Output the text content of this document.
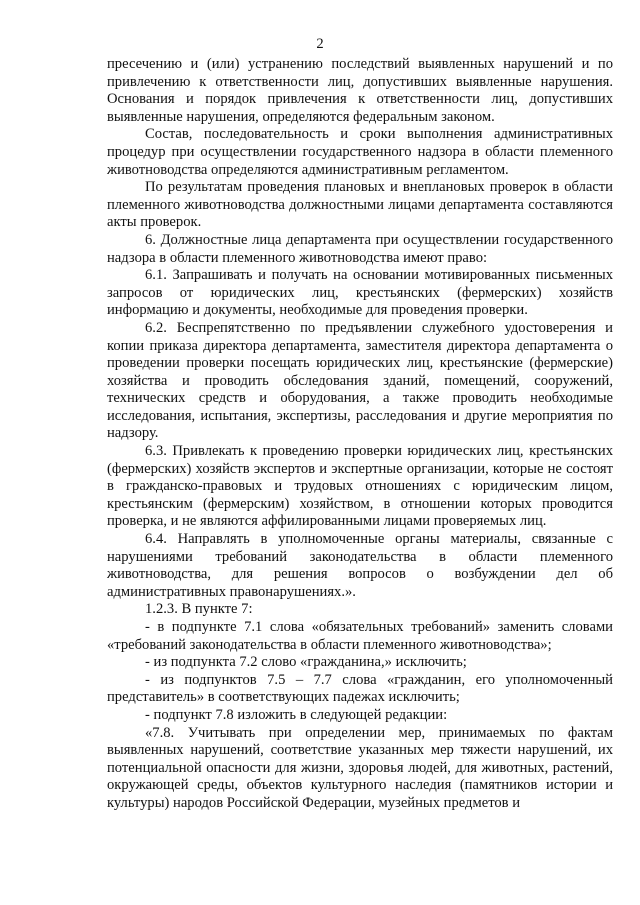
2

пресечению и (или) устранению последствий выявленных нарушений и по привлечению к ответственности лиц, допустивших выявленные нарушения. Основания и порядок привлечения к ответственности лиц, допустивших выявленные нарушения, определяются федеральным законом.

Состав, последовательность и сроки выполнения административных процедур при осуществлении государственного надзора в области племенного животноводства определяются административным регламентом.

По результатам проведения плановых и внеплановых проверок в области племенного животноводства должностными лицами департамента составляются акты проверок.

6. Должностные лица департамента при осуществлении государственного надзора в области племенного животноводства имеют право:

6.1. Запрашивать и получать на основании мотивированных письменных запросов от юридических лиц, крестьянских (фермерских) хозяйств информацию и документы, необходимые для проведения проверки.

6.2. Беспрепятственно по предъявлении служебного удостоверения и копии приказа директора департамента, заместителя директора департамента о проведении проверки посещать юридических лиц, крестьянские (фермерские) хозяйства и проводить обследования зданий, помещений, сооружений, технических средств и оборудования, а также проводить необходимые исследования, испытания, экспертизы, расследования и другие мероприятия по надзору.

6.3. Привлекать к проведению проверки юридических лиц, крестьянских (фермерских) хозяйств экспертов и экспертные организации, которые не состоят в гражданско-правовых и трудовых отношениях с юридическим лицом, крестьянским (фермерским) хозяйством, в отношении которых проводится проверка, и не являются аффилированными лицами проверяемых лиц.

6.4. Направлять в уполномоченные органы материалы, связанные с нарушениями требований законодательства в области племенного животноводства, для решения вопросов о возбуждении дел об административных правонарушениях.».

1.2.3. В пункте 7:

- в подпункте 7.1 слова «обязательных требований» заменить словами «требований законодательства в области племенного животноводства»;

- из подпункта 7.2 слово «гражданина,» исключить;

- из подпунктов 7.5 – 7.7 слова «гражданин, его уполномоченный представитель» в соответствующих падежах исключить;

- подпункт 7.8 изложить в следующей редакции:

«7.8. Учитывать при определении мер, принимаемых по фактам выявленных нарушений, соответствие указанных мер тяжести нарушений, их потенциальной опасности для жизни, здоровья людей, для животных, растений, окружающей среды, объектов культурного наследия (памятников истории и культуры) народов Российской Федерации, музейных предметов и
